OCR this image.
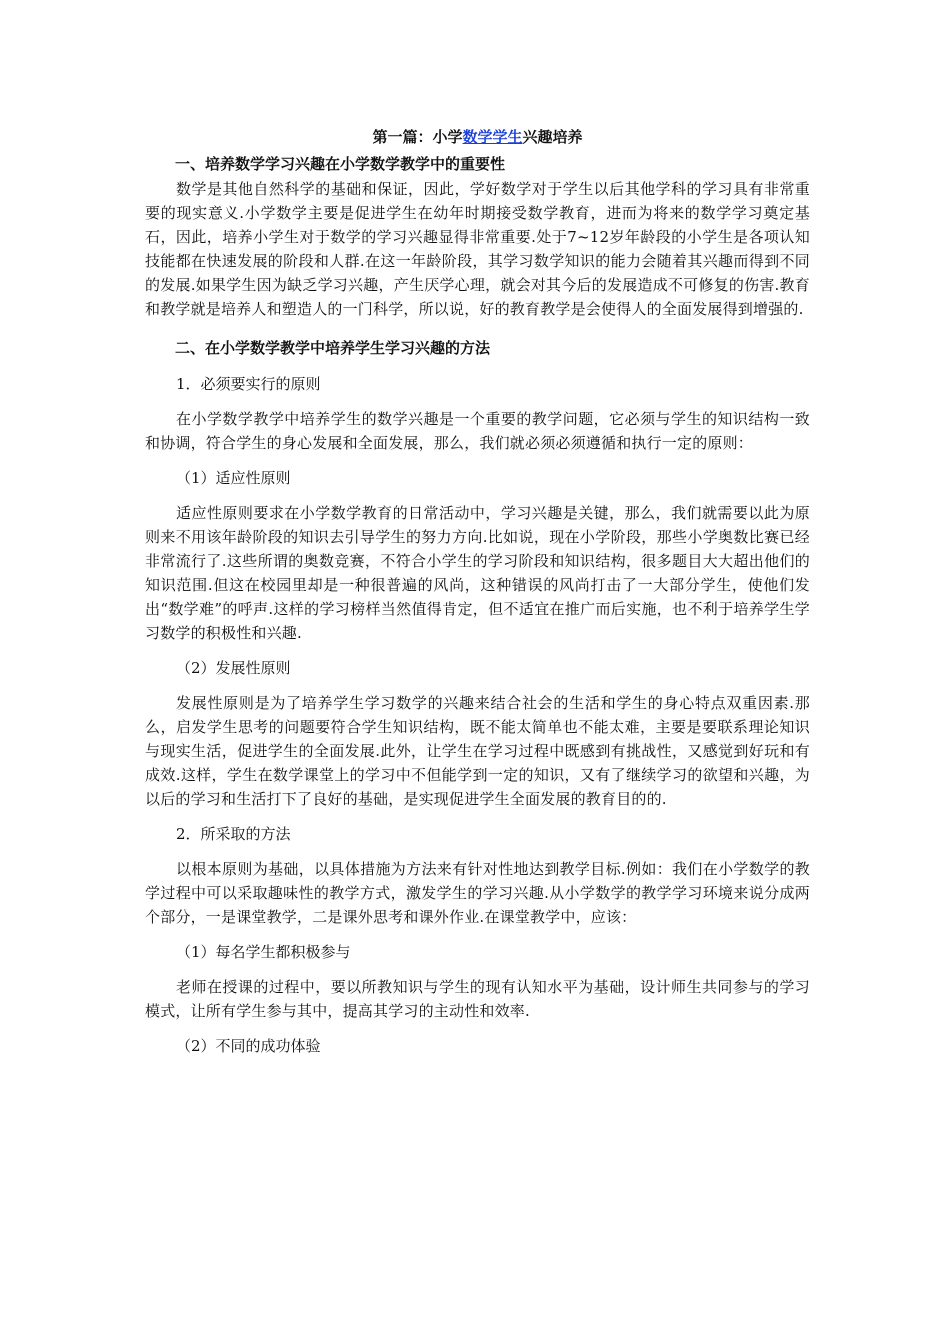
第一篇：小学数学学生兴趣培养

一、培养数学学习兴趣在小学数学教学中的重要性

数学是其他自然科学的基础和保证，因此，学好数学对于学生以后其他学科的学习具有非常重要的现实意义.小学数学主要是促进学生在幼年时期接受数学教育，进而为将来的数学学习奠定基石，因此，培养小学生对于数学的学习兴趣显得非常重要.处于7~12岁年龄段的小学生是各项认知技能都在快速发展的阶段和人群.在这一年龄阶段，其学习数学知识的能力会随着其兴趣而得到不同的发展.如果学生因为缺乏学习兴趣，产生厌学心理，就会对其今后的发展造成不可修复的伤害.教育和教学就是培养人和塑造人的一门科学，所以说，好的教育教学是会使得人的全面发展得到增强的.

二、在小学数学教学中培养学生学习兴趣的方法

1．必须要实行的原则

在小学数学教学中培养学生的数学兴趣是一个重要的教学问题，它必须与学生的知识结构一致和协调，符合学生的身心发展和全面发展，那么，我们就必须必须遵循和执行一定的原则：

（1）适应性原则

适应性原则要求在小学数学教育的日常活动中，学习兴趣是关键，那么，我们就需要以此为原则来不用该年龄阶段的知识去引导学生的努力方向.比如说，现在小学阶段，那些小学奥数比赛已经非常流行了.这些所谓的奥数竞赛，不符合小学生的学习阶段和知识结构，很多题目大大超出他们的知识范围.但这在校园里却是一种很普遍的风尚，这种错误的风尚打击了一大部分学生，使他们发出“数学难”的呼声.这样的学习榜样当然值得肯定，但不适宜在推广而后实施，也不利于培养学生学习数学的积极性和兴趣.

（2）发展性原则

发展性原则是为了培养学生学习数学的兴趣来结合社会的生活和学生的身心特点双重因素.那么，启发学生思考的问题要符合学生知识结构，既不能太简单也不能太难，主要是要联系理论知识与现实生活，促进学生的全面发展.此外，让学生在学习过程中既感到有挑战性，又感觉到好玩和有成效.这样，学生在数学课堂上的学习中不但能学到一定的知识，又有了继续学习的欲望和兴趣，为以后的学习和生活打下了良好的基础，是实现促进学生全面发展的教育目的的.

2．所采取的方法

以根本原则为基础，以具体措施为方法来有针对性地达到教学目标.例如：我们在小学数学的教学过程中可以采取趣味性的教学方式，激发学生的学习兴趣.从小学数学的教学学习环境来说分成两个部分，一是课堂教学，二是课外思考和课外作业.在课堂教学中，应该：

（1）每名学生都积极参与

老师在授课的过程中，要以所教知识与学生的现有认知水平为基础，设计师生共同参与的学习模式，让所有学生参与其中，提高其学习的主动性和效率.

（2）不同的成功体验
